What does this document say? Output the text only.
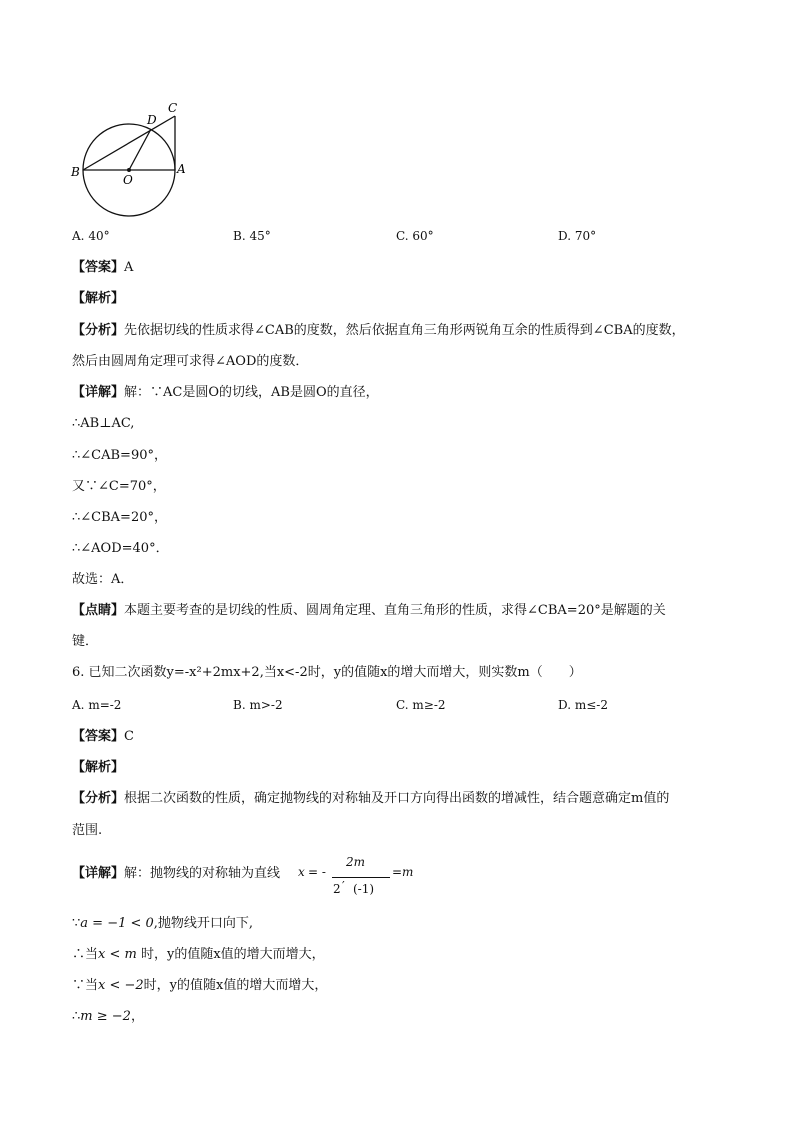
B
O
A
D
C
A. 40°	B. 45°	C. 60°	D. 70°
【答案】A
【解析】
【分析】先依据切线的性质求得∠CAB的度数，然后依据直角三角形两锐角互余的性质得到∠CBA的度数，
然后由圆周角定理可求得∠AOD的度数．
【详解】解：∵AC是圆O的切线，AB是圆O的直径，
∴AB⊥AC,
∴∠CAB=90°，
又∵∠C=70°，
∴∠CBA=20°，
∴∠AOD=40°．
故选：A．
【点睛】本题主要考查的是切线的性质、圆周角定理、直角三角形的性质，求得∠CBA=20°是解题的关
键．
6. 已知二次函数y=-x²+2mx+2,当x<-2时，y的值随x的增大而增大，则实数m（　　）
A. m=-2	B. m>-2	C. m≥-2	D. m≤-2
【答案】C
【解析】
【分析】根据二次函数的性质，确定抛物线的对称轴及开口方向得出函数的增减性，结合题意确定m值的
范围.
【详解】解：抛物线的对称轴为直线 x = -
2m
2 ′ (-1)
= m
∵a = −1 < 0,抛物线开口向下,
∴当x < m 时，y的值随x值的增大而增大，
∵当x < −2时，y的值随x值的增大而增大，
∴m ≥ −2，
